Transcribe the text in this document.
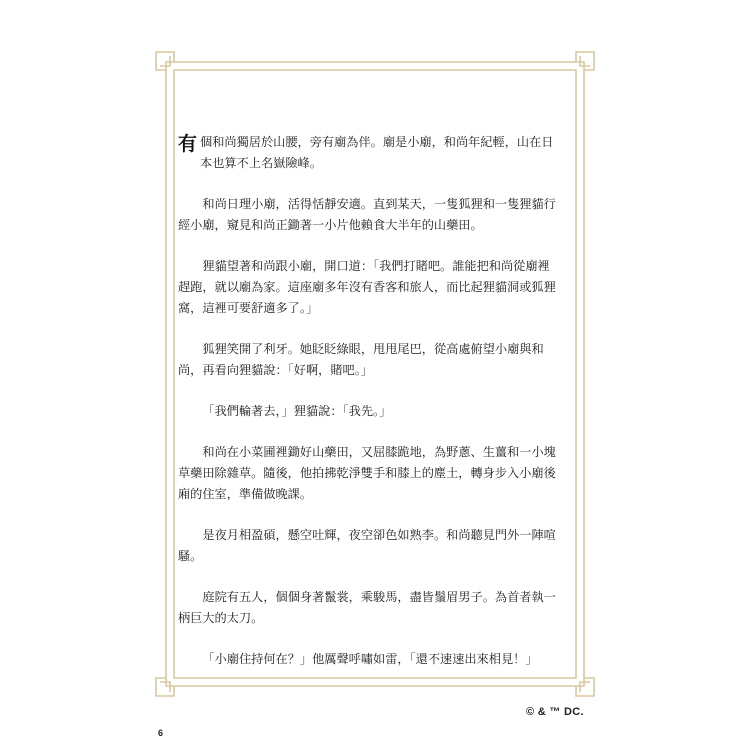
有個和尚獨居於山腰，旁有廟為伴。廟是小廟，和尚年紀輕，山在日本也算不上名嶽險峰。

和尚日理小廟，活得恬靜安適。直到某天，一隻狐狸和一隻狸貓行經小廟，窺見和尚正鋤著一小片他賴食大半年的山藥田。

狸貓望著和尚跟小廟，開口道：「我們打賭吧。誰能把和尚從廟裡趕跑，就以廟為家。這座廟多年沒有香客和旅人，而比起狸貓洞或狐狸窩，這裡可要舒適多了。」

狐狸笑開了利牙。她眨眨綠眼，甩甩尾巴，從高處俯望小廟與和尚，再看向狸貓說：「好啊，賭吧。」

「我們輪著去，」狸貓說：「我先。」

和尚在小菜圃裡鋤好山藥田，又屈膝跪地，為野蔥、生薑和一小塊草藥田除雜草。隨後，他拍拂乾淨雙手和膝上的塵土，轉身步入小廟後廂的住室，準備做晚課。

是夜月相盈碩，懸空吐輝，夜空卻色如熟李。和尚聽見門外一陣喧騷。

庭院有五人，個個身著鬣裳，乘駿馬，盡皆鬚眉男子。為首者執一柄巨大的太刀。

「小廟住持何在？」他厲聲呼嘯如雷，「還不速速出來相見！」

© & ™ DC.
6
